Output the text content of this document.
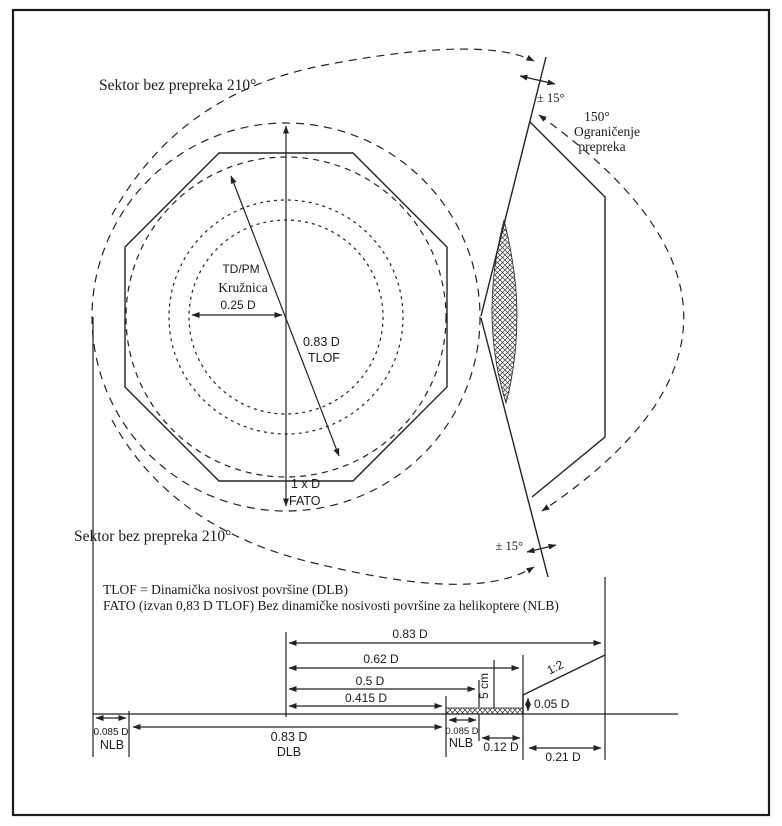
Sektor bez prepreka 210°
Sektor bez prepreka 210°
± 15°
± 15°
150°
Ograničenje
prepreka
TD/PM
Kružnica
0.25 D
0.83 D
TLOF
1 x D
FATO
TLOF = Dinamička nosivost površine (DLB)
FATO (izvan 0,83 D TLOF) Bez dinamičke nosivosti površine za helikoptere (NLB)
0.83 D
0.62 D
0.5 D
0.415 D	5 cm
1:2
0.05 D
0.085 D
NLB
0.83 D
DLB
0.085 D
NLB 0.12 D
0.21 D
